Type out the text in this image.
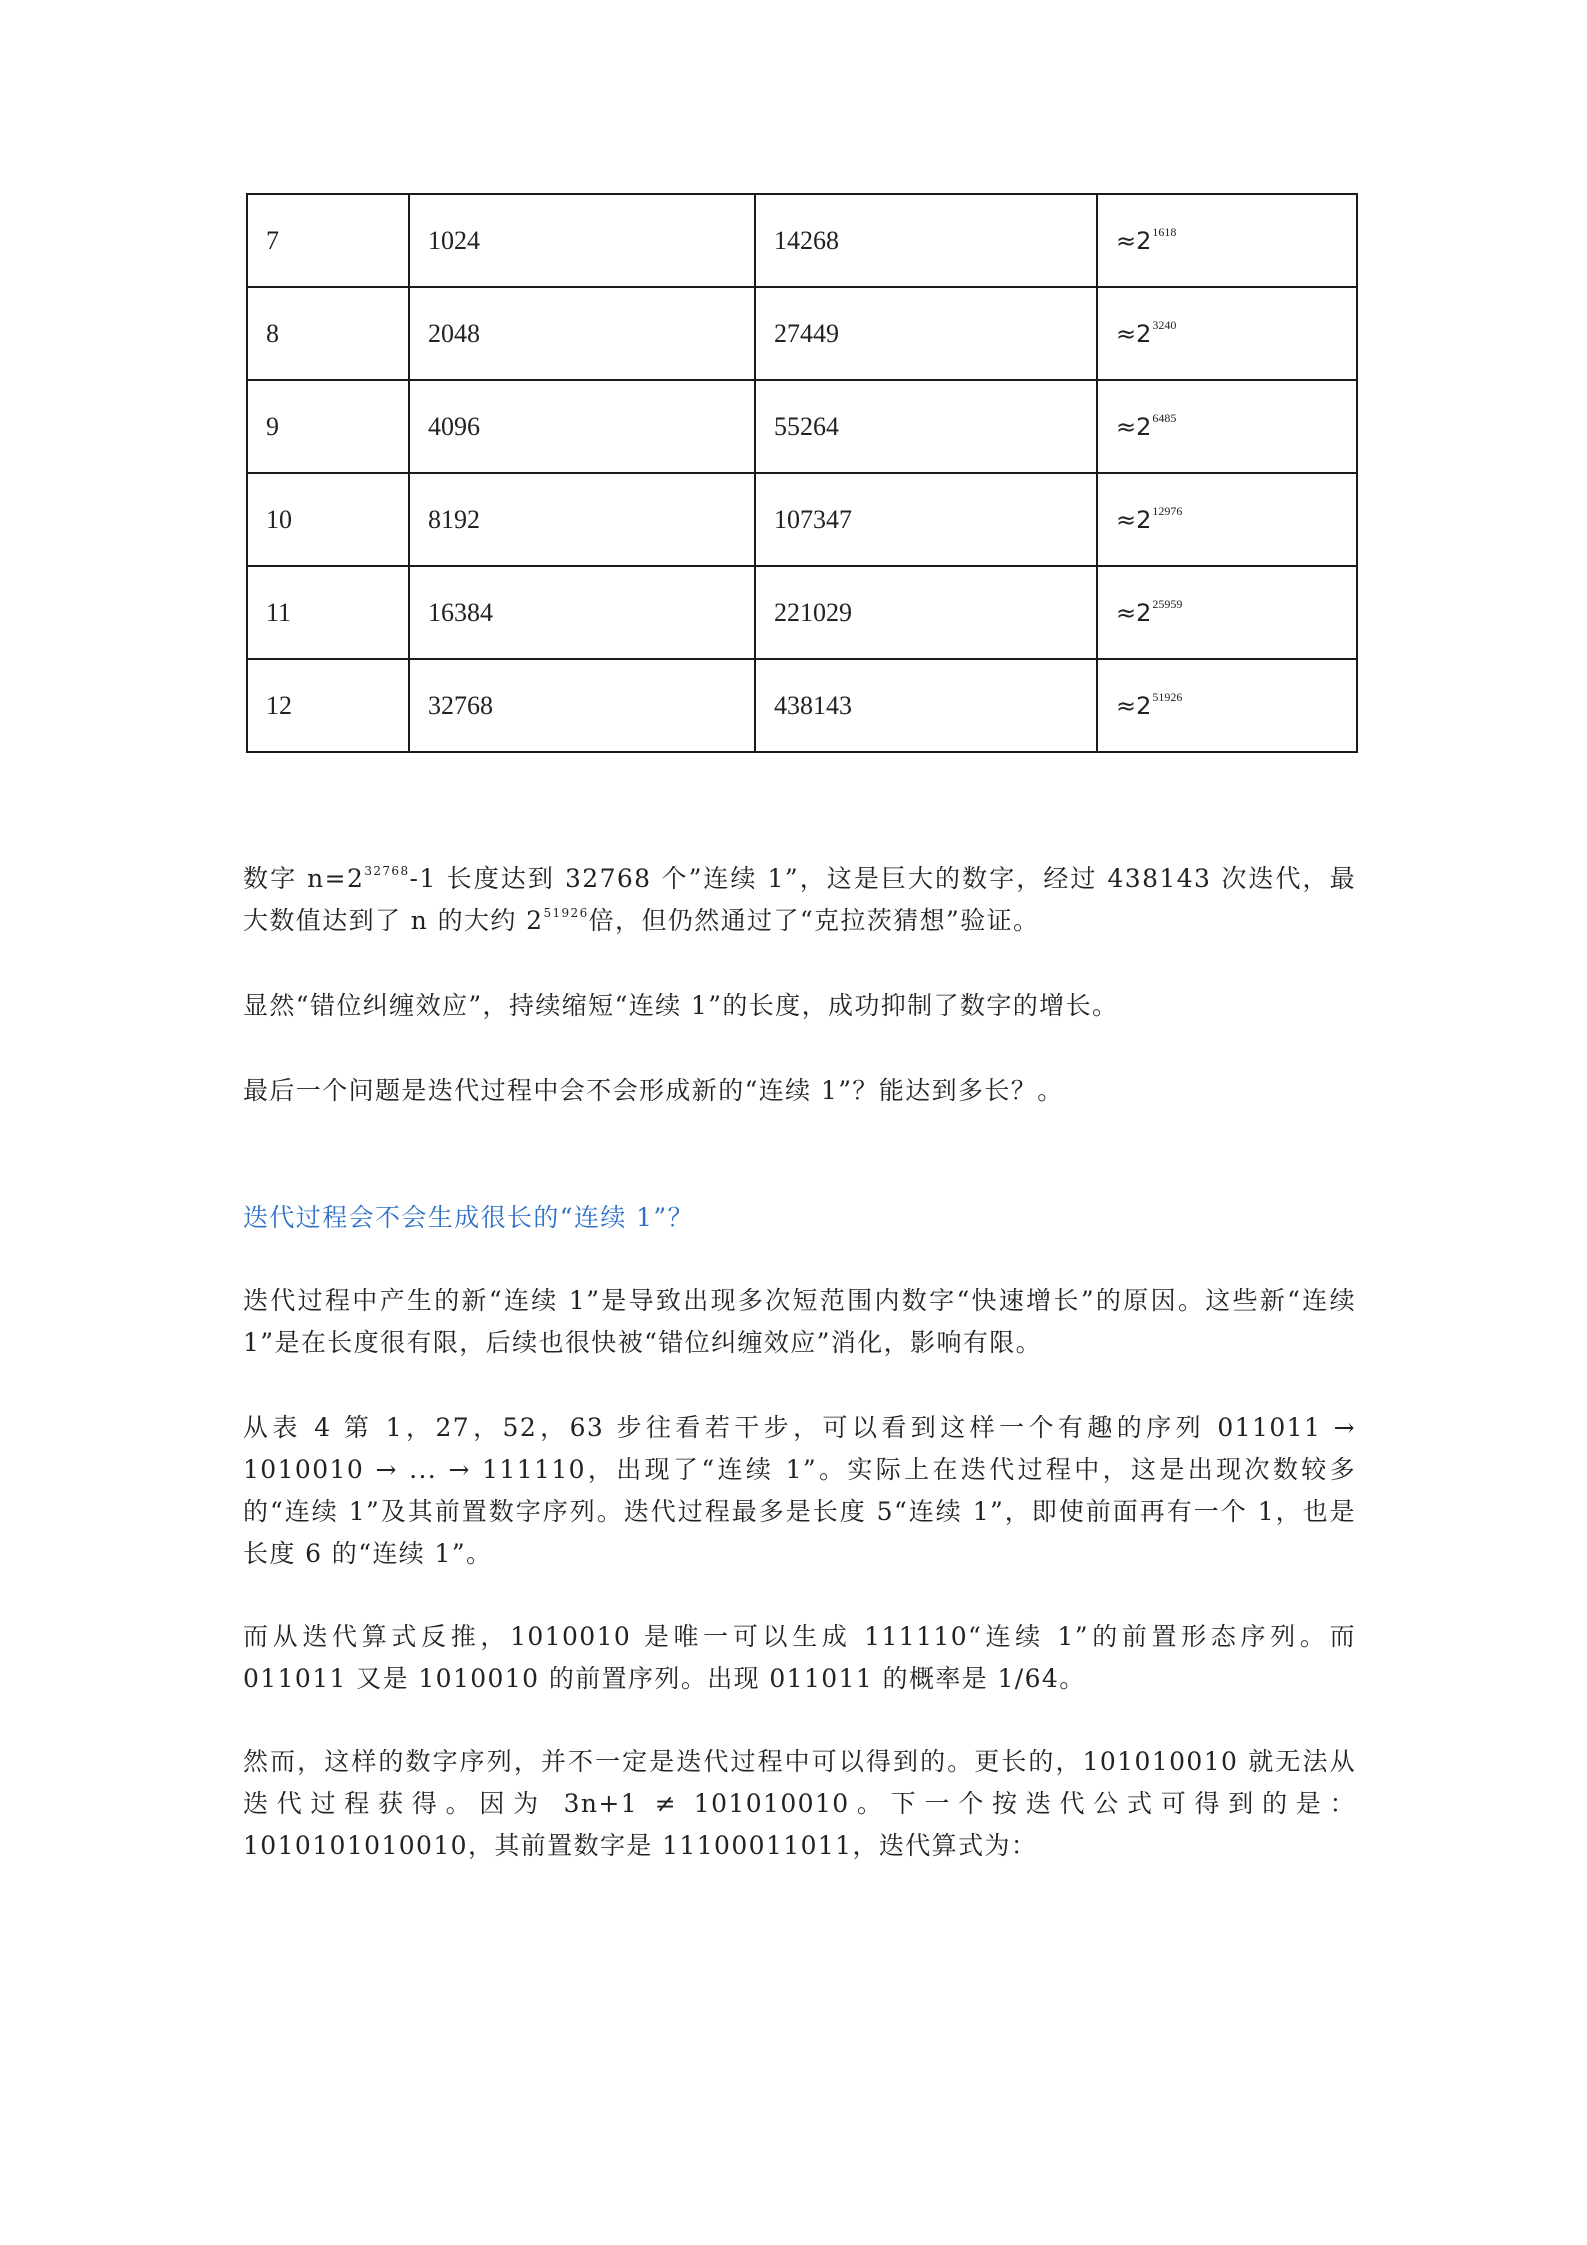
7	1024	14268	$\approx 2^{1618}$
8	2048	27449	$\approx 2^{3240}$
9	4096	55264	$\approx 2^{6485}$
10	8192	107347	$\approx 2^{12976}$
11	16384	221029	$\approx 2^{25959}$
12	32768	438143	$\approx 2^{51926}$

数字 $n=2^{32768}-1$ 长度达到 32768 个”连续 1”，这是巨大的数字，经过 438143 次迭代，最大数值达到了 n 的大约 $2^{51926}$倍，但仍然通过了“克拉茨猜想”验证。

显然“错位纠缠效应”，持续缩短“连续 1”的长度，成功抑制了数字的增长。

最后一个问题是迭代过程中会不会形成新的“连续 1”？能达到多长？。

迭代过程会不会生成很长的“连续 1”？

迭代过程中产生的新“连续 1”是导致出现多次短范围内数字“快速增长”的原因。这些新“连续 1”是在长度很有限，后续也很快被“错位纠缠效应”消化，影响有限。

从表 4 第 1，27，52，63 步往看若干步，可以看到这样一个有趣的序列 011011 → 1010010 → ... → 111110，出现了“连续 1”。实际上在迭代过程中，这是出现次数较多的“连续 1”及其前置数字序列。迭代过程最多是长度 5“连续 1”，即使前面再有一个 1，也是长度 6 的“连续 1”。

而从迭代算式反推，1010010 是唯一可以生成 111110“连续 1”的前置形态序列。而 011011 又是 1010010 的前置序列。出现 011011 的概率是 1/64。

然而，这样的数字序列，并不一定是迭代过程中可以得到的。更长的，101010010 就无法从迭代过程获得。因为 3n+1 ≠ 101010010。下一个按迭代公式可得到的是：1010101010010，其前置数字是 11100011011，迭代算式为：
